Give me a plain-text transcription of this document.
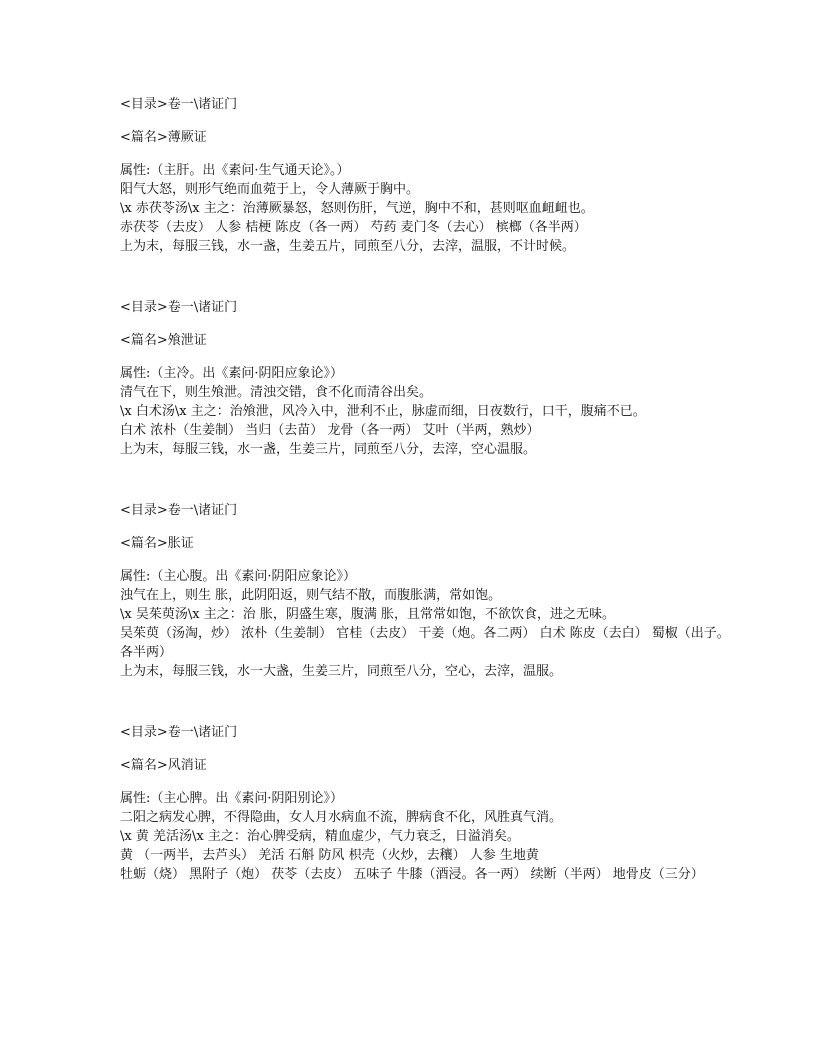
<目录>卷一\诸证门
<篇名>薄厥证
属性:（主肝。出《素问·生气通天论》。）
阳气大怒，则形气绝而血菀于上，令人薄厥于胸中。
\x 赤茯苓汤\x 主之：治薄厥暴怒，怒则伤肝，气逆，胸中不和，甚则呕血衄衄也。
赤茯苓（去皮） 人参 桔梗 陈皮（各一两） 芍药 麦门冬（去心） 槟榔（各半两）
上为末，每服三钱，水一盏，生姜五片，同煎至八分，去滓，温服，不计时候。
<目录>卷一\诸证门
<篇名>飧泄证
属性:（主冷。出《素问·阴阳应象论》）
清气在下，则生飧泄。清浊交错，食不化而清谷出矣。
\x 白术汤\x 主之：治飧泄，风冷入中，泄利不止，脉虚而细，日夜数行，口干，腹痛不已。
白术 浓朴（生姜制） 当归（去苗） 龙骨（各一两） 艾叶（半两，熟炒）
上为末，每服三钱，水一盏，生姜三片，同煎至八分，去滓，空心温服。
<目录>卷一\诸证门
<篇名>胀证
属性:（主心腹。出《素问·阴阳应象论》）
浊气在上，则生 胀，此阴阳返，则气结不散，而腹胀满，常如饱。
\x 吴茱萸汤\x 主之：治 胀，阴盛生寒，腹满 胀，且常常如饱，不欲饮食，进之无味。
吴茱萸（汤淘，炒） 浓朴（生姜制） 官桂（去皮） 干姜（炮。各二两） 白术 陈皮（去白） 蜀椒（出子。各半两）
上为末，每服三钱，水一大盏，生姜三片，同煎至八分，空心，去滓，温服。
<目录>卷一\诸证门
<篇名>风消证
属性:（主心脾。出《素问·阴阳别论》）
二阳之病发心脾，不得隐曲，女人月水病血不流，脾病食不化，风胜真气消。
\x 黄 羌活汤\x 主之：治心脾受病，精血虚少，气力衰乏，日溢消矣。
黄 （一两半，去芦头） 羌活 石斛 防风 枳壳（火炒，去穰） 人参 生地黄
牡蛎（烧） 黑附子（炮） 茯苓（去皮） 五味子 牛膝（酒浸。各一两） 续断（半两） 地骨皮（三分）
